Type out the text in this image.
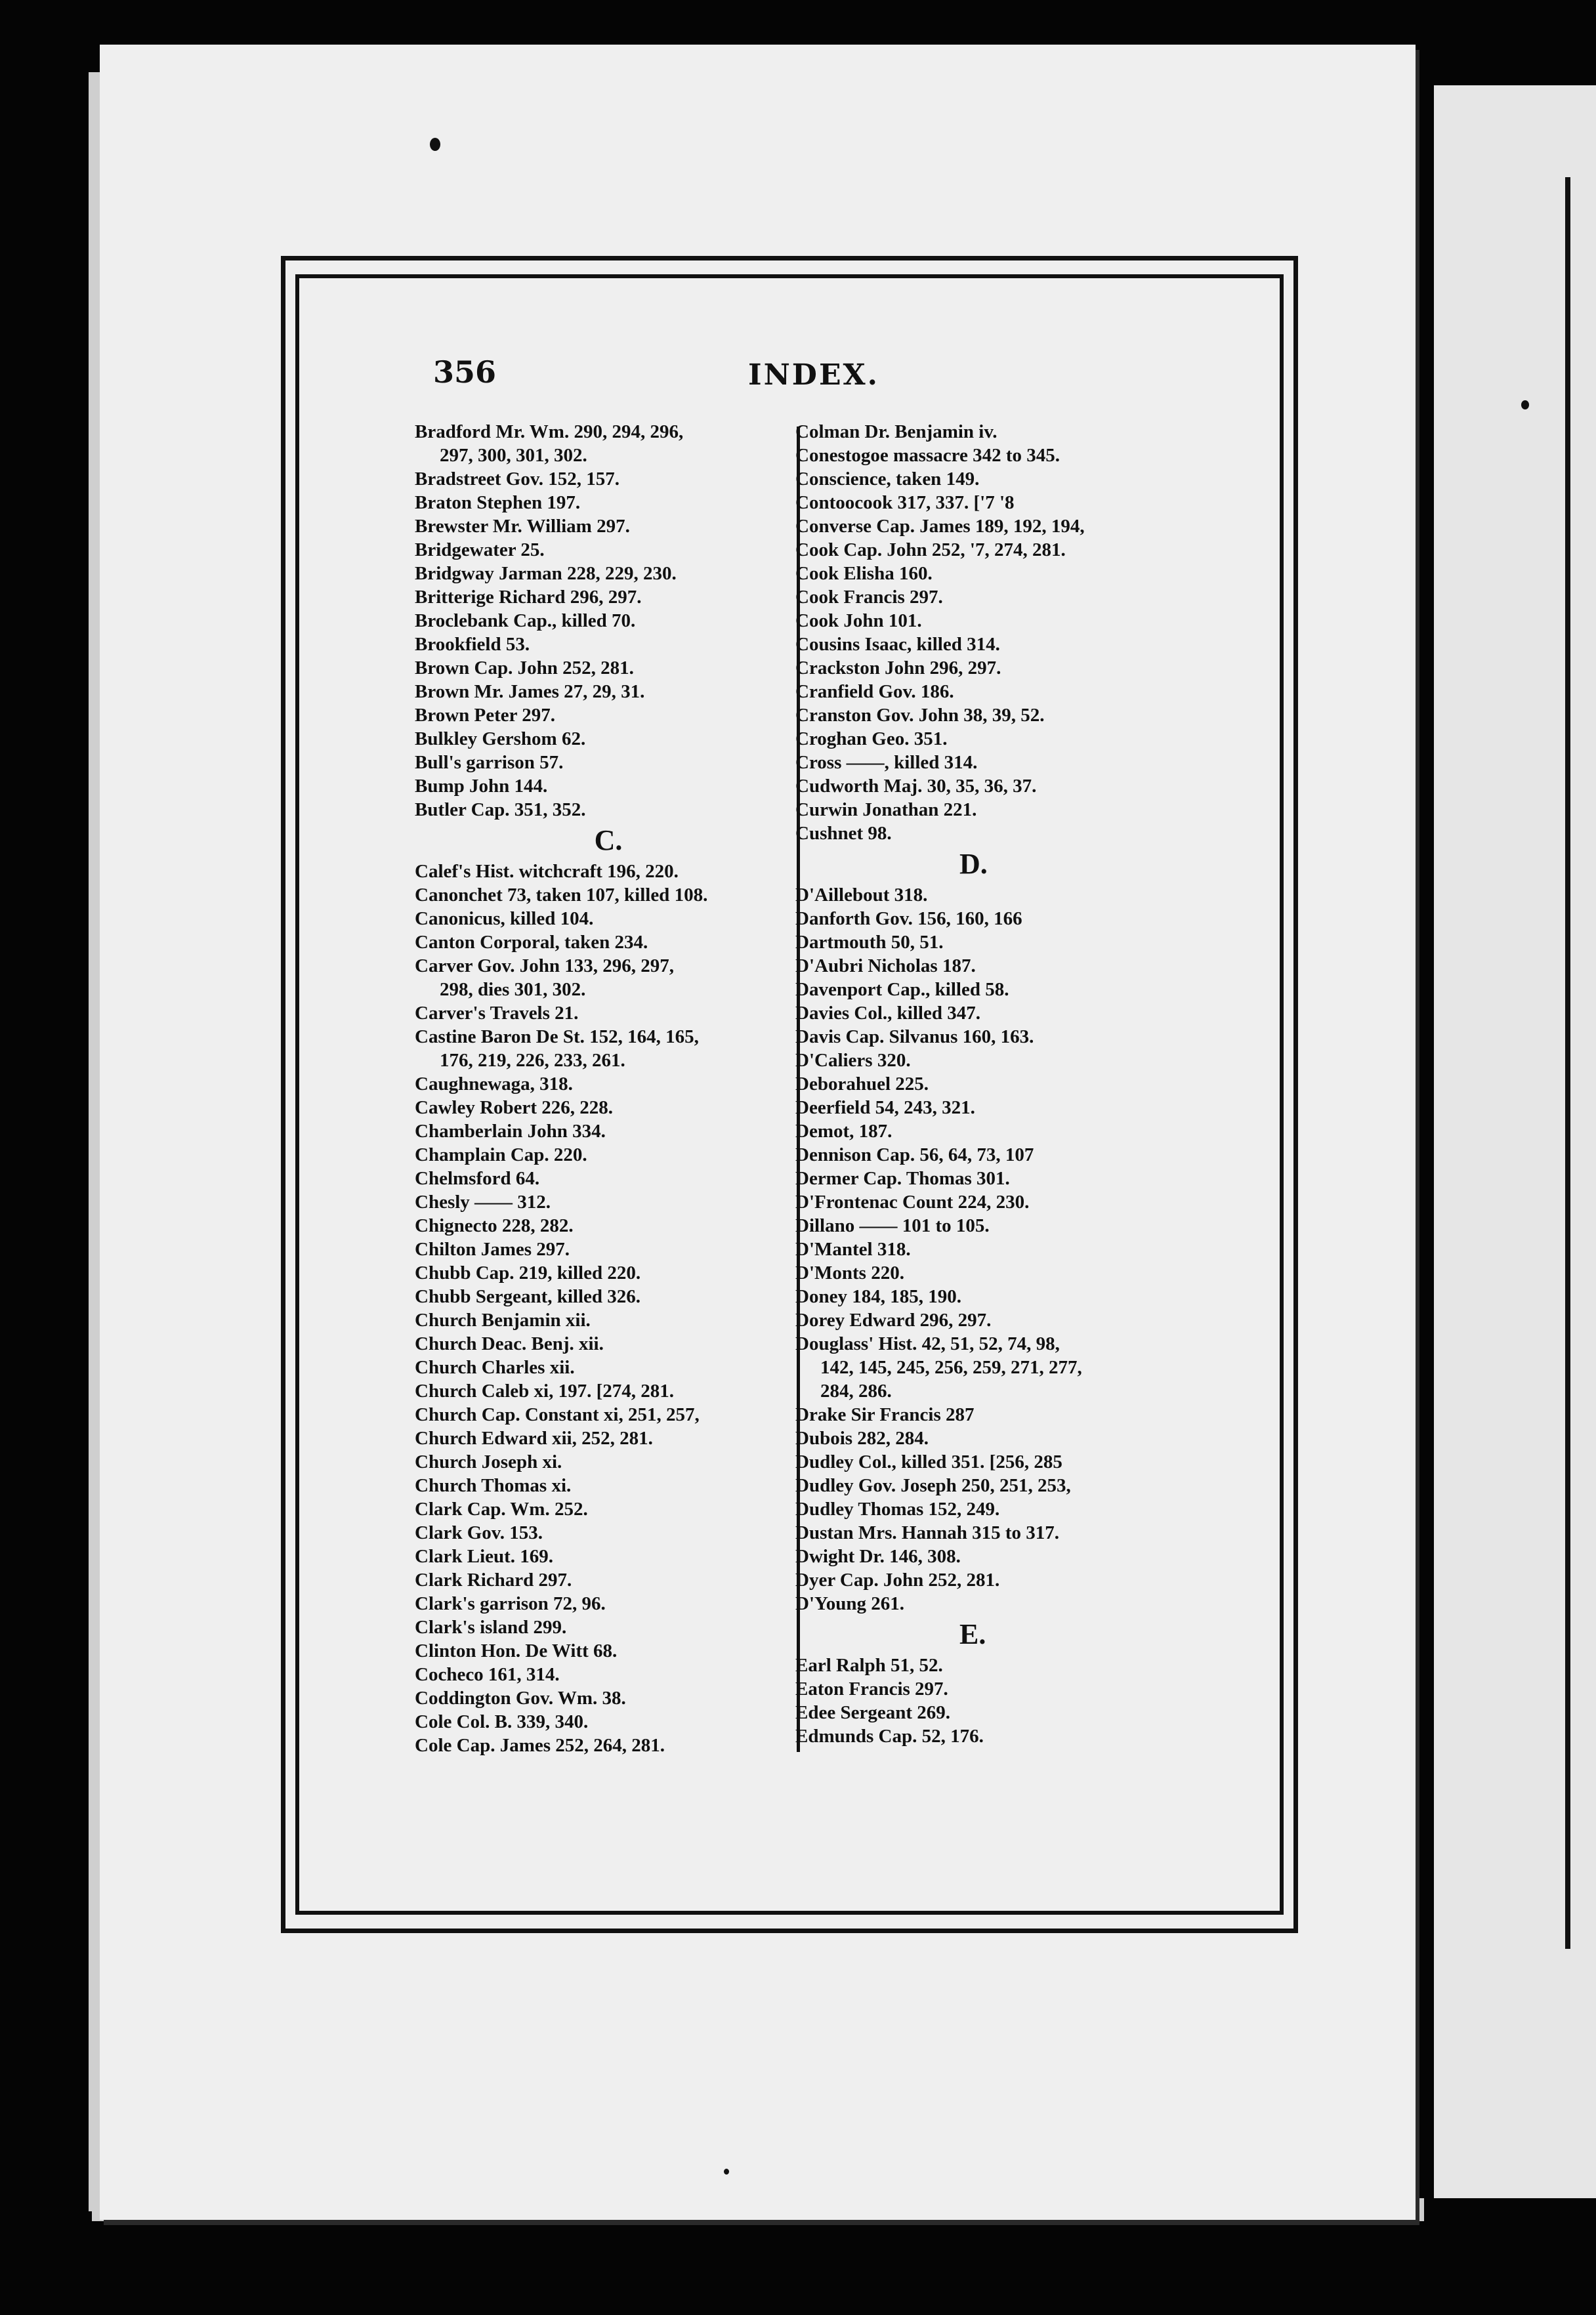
356	INDEX.
Bradford Mr. Wm. 290, 294, 296,
297, 300, 301, 302.
Bradstreet Gov. 152, 157.
Braton Stephen 197.
Brewster Mr. William 297.
Bridgewater 25.
Bridgway Jarman 228, 229, 230.
Britterige Richard 296, 297.
Broclebank Cap., killed 70.
Brookfield 53.
Brown Cap. John 252, 281.
Brown Mr. James 27, 29, 31.
Brown Peter 297.
Bulkley Gershom 62.
Bull's garrison 57.
Bump John 144.
Butler Cap. 351, 352.
C.
Calef's Hist. witchcraft 196, 220.
Canonchet 73, taken 107, killed 108.
Canonicus, killed 104.
Canton Corporal, taken 234.
Carver Gov. John 133, 296, 297,
298, dies 301, 302.
Carver's Travels 21.
Castine Baron De St. 152, 164, 165,
176, 219, 226, 233, 261.
Caughnewaga, 318.
Cawley Robert 226, 228.
Chamberlain John 334.
Champlain Cap. 220.
Chelmsford 64.
Chesly —— 312.
Chignecto 228, 282.
Chilton James 297.
Chubb Cap. 219, killed 220.
Chubb Sergeant, killed 326.
Church Benjamin xii.
Church Deac. Benj. xii.
Church Charles xii.
Church Caleb xi, 197. [274, 281.
Church Cap. Constant xi, 251, 257,
Church Edward xii, 252, 281.
Church Joseph xi.
Church Thomas xi.
Clark Cap. Wm. 252.
Clark Gov. 153.
Clark Lieut. 169.
Clark Richard 297.
Clark's garrison 72, 96.
Clark's island 299.
Clinton Hon. De Witt 68.
Cocheco 161, 314.
Coddington Gov. Wm. 38.
Cole Col. B. 339, 340.
Cole Cap. James 252, 264, 281.
Colman Dr. Benjamin iv.
Conestogoe massacre 342 to 345.
Conscience, taken 149.
Contoocook 317, 337. ['7 '8
Converse Cap. James 189, 192, 194,
Cook Cap. John 252, '7, 274, 281.
Cook Elisha 160.
Cook Francis 297.
Cook John 101.
Cousins Isaac, killed 314.
Crackston John 296, 297.
Cranfield Gov. 186.
Cranston Gov. John 38, 39, 52.
Croghan Geo. 351.
Cross ——, killed 314.
Cudworth Maj. 30, 35, 36, 37.
Curwin Jonathan 221.
Cushnet 98.
D.
D'Aillebout 318.
Danforth Gov. 156, 160, 166
Dartmouth 50, 51.
D'Aubri Nicholas 187.
Davenport Cap., killed 58.
Davies Col., killed 347.
Davis Cap. Silvanus 160, 163.
D'Caliers 320.
Deborahuel 225.
Deerfield 54, 243, 321.
Demot, 187.
Dennison Cap. 56, 64, 73, 107
Dermer Cap. Thomas 301.
D'Frontenac Count 224, 230.
Dillano —— 101 to 105.
D'Mantel 318.
D'Monts 220.
Doney 184, 185, 190.
Dorey Edward 296, 297.
Douglass' Hist. 42, 51, 52, 74, 98,
142, 145, 245, 256, 259, 271, 277,
284, 286.
Drake Sir Francis 287
Dubois 282, 284.
Dudley Col., killed 351. [256, 285
Dudley Gov. Joseph 250, 251, 253,
Dudley Thomas 152, 249.
Dustan Mrs. Hannah 315 to 317.
Dwight Dr. 146, 308.
Dyer Cap. John 252, 281.
D'Young 261.
E.
Earl Ralph 51, 52.
Eaton Francis 297.
Edee Sergeant 269.
Edmunds Cap. 52, 176.
